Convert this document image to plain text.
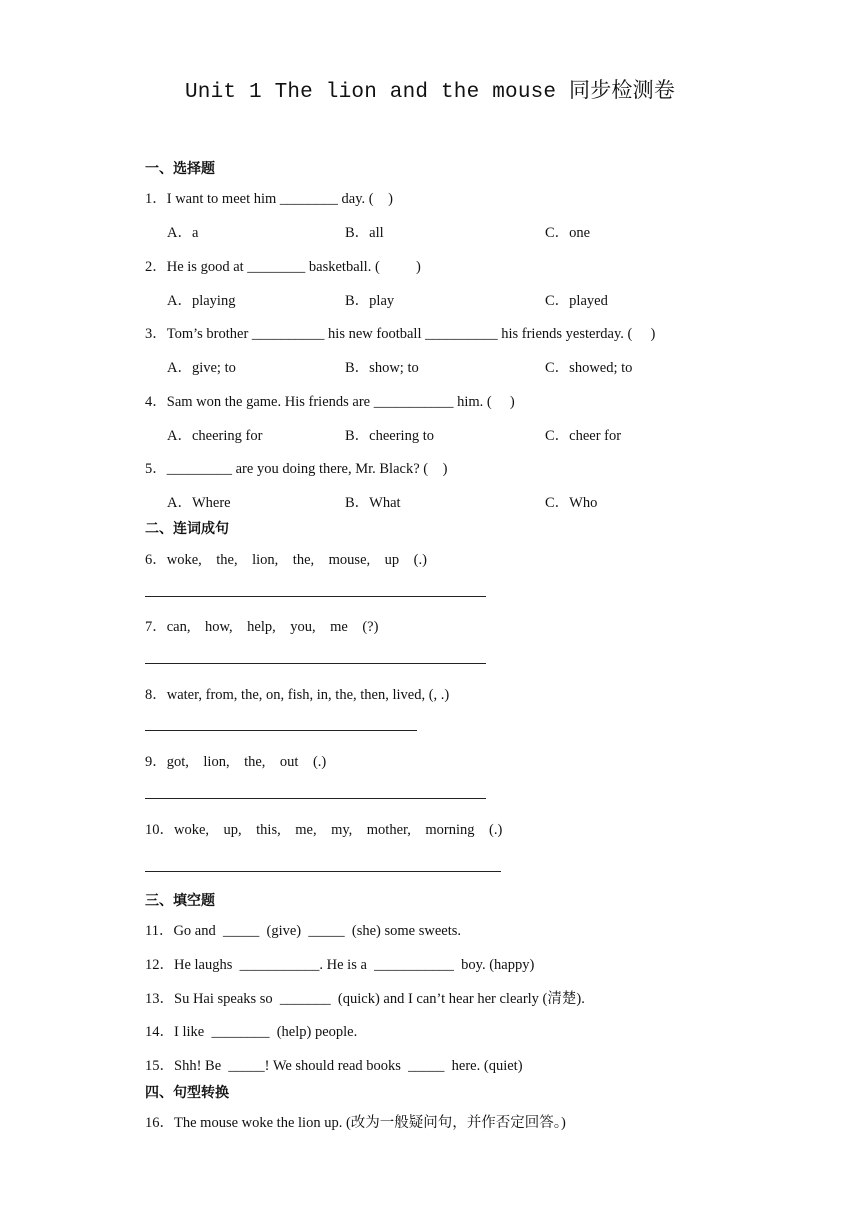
Unit 1 The lion and the mouse 同步检测卷
一、选择题
1．I want to meet him ________ day. (    )
A．a	B．all	C．one
2．He is good at ________ basketball. (          )
A．playing	B．play	C．played
3．Tom’s brother __________ his new football __________ his friends yesterday. (     )
A．give; to	B．show; to	C．showed; to
4．Sam won the game. His friends are ___________ him. (     )
A．cheering for	B．cheering to	C．cheer for
5．_________ are you doing there, Mr. Black? (    )
A．Where	B．What	C．Who
二、连词成句
6．woke,    the,    lion,    the,    mouse,    up    (.)
7．can,    how,    help,    you,    me    (?)
8．water, from, the, on, fish, in, the, then, lived, (, .)
9．got,    lion,    the,    out    (.)
10．woke,    up,    this,    me,    my,    mother,    morning    (.)
三、填空题
11．Go and  _____  (give)  _____  (she) some sweets.
12．He laughs  ___________. He is a  ___________  boy. (happy)
13．Su Hai speaks so  _______  (quick) and I can’t hear her clearly (清楚).
14．I like  ________  (help) people.
15．Shh! Be  _____! We should read books  _____  here. (quiet)
四、句型转换
16．The mouse woke the lion up. (改为一般疑问句，并作否定回答。)
